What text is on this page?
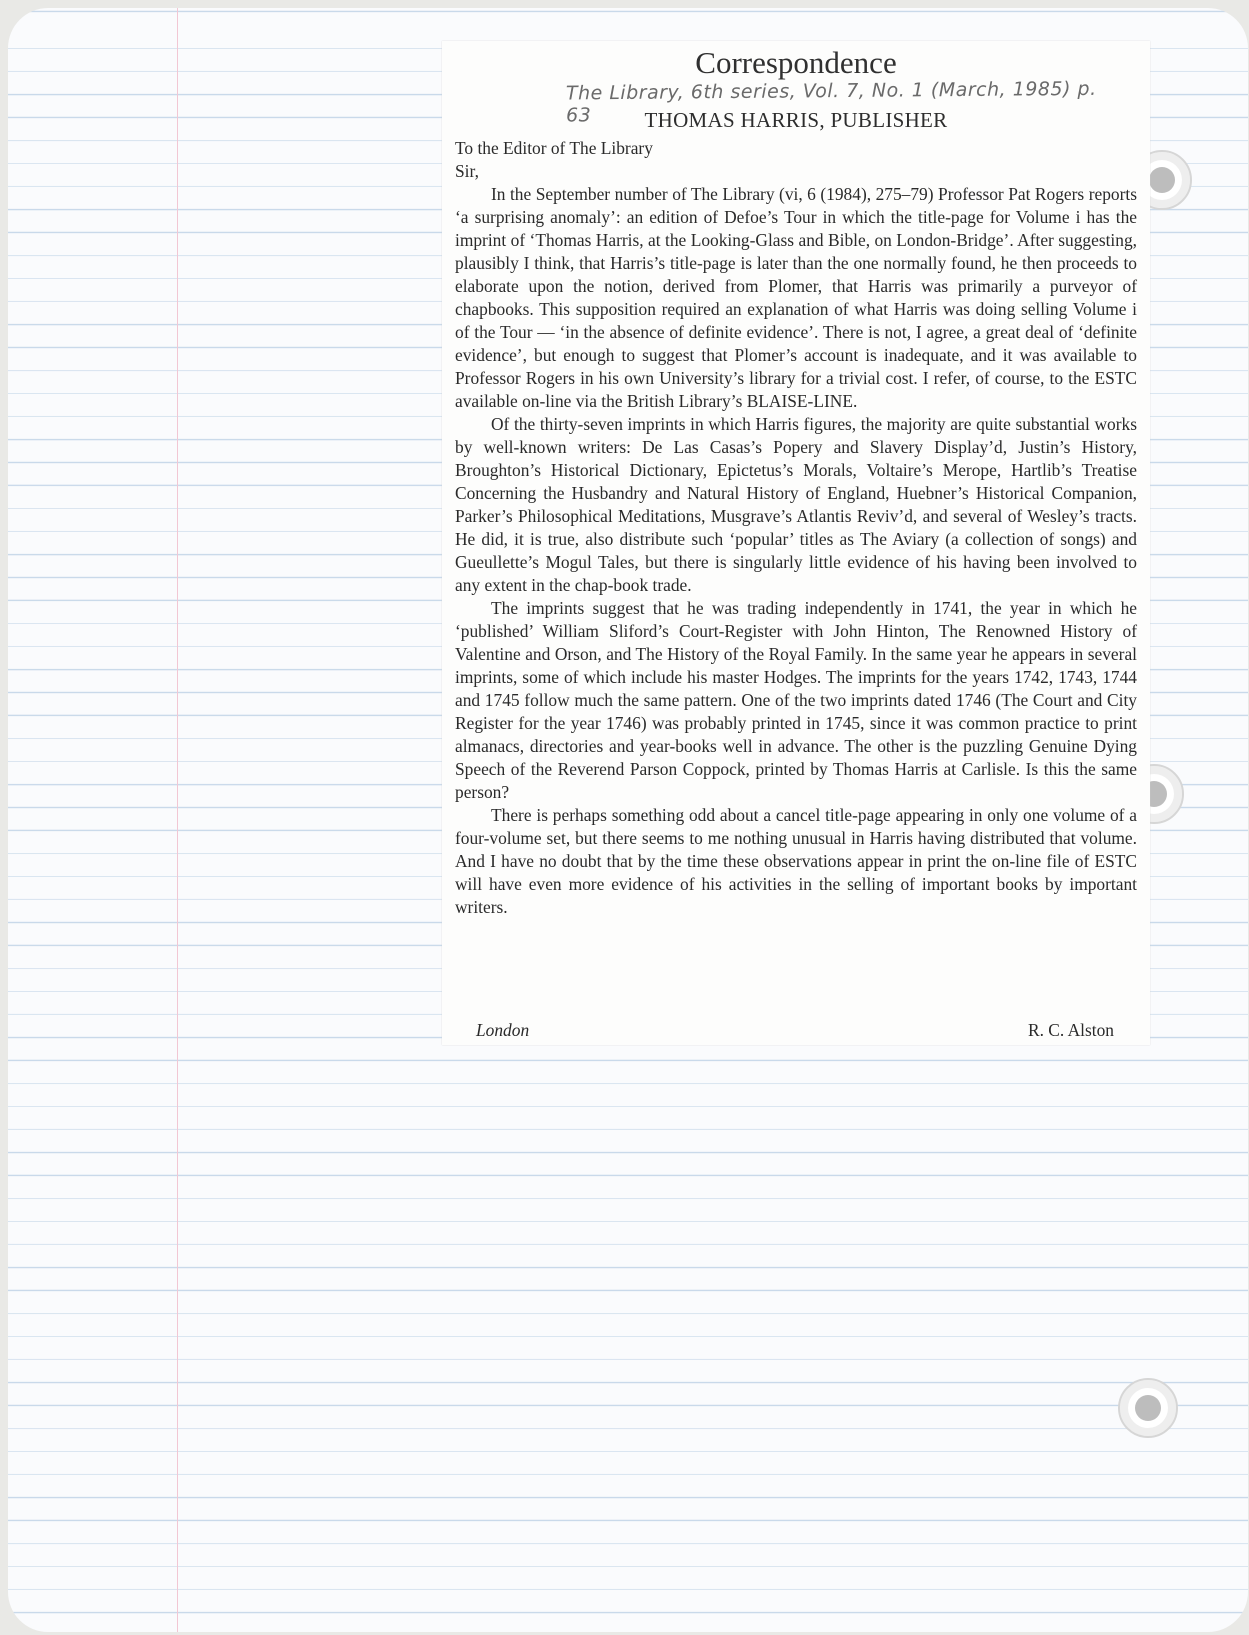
Correspondence
The Library, 6th series, Vol. 7, No. 1 (March, 1985) p. 63	THOMAS HARRIS, PUBLISHER

To the Editor of The Library

Sir,

In the September number of The Library (vi, 6 (1984), 275–79) Professor Pat Rogers reports ‘a surprising anomaly’: an edition of Defoe’s Tour in which the title-page for Volume i has the imprint of ‘Thomas Harris, at the Looking-Glass and Bible, on London-Bridge’. After suggesting, plausibly I think, that Harris’s title-page is later than the one normally found, he then proceeds to elaborate upon the notion, derived from Plomer, that Harris was primarily a purveyor of chapbooks. This supposition required an explanation of what Harris was doing selling Volume i of the Tour — ‘in the absence of definite evidence’. There is not, I agree, a great deal of ‘definite evidence’, but enough to suggest that Plomer’s account is inadequate, and it was available to Professor Rogers in his own University’s library for a trivial cost. I refer, of course, to the ESTC available on-line via the British Library’s BLAISE-LINE.

Of the thirty-seven imprints in which Harris figures, the majority are quite substantial works by well-known writers: De Las Casas’s Popery and Slavery Display’d, Justin’s History, Broughton’s Historical Dictionary, Epictetus’s Morals, Voltaire’s Merope, Hartlib’s Treatise Concerning the Husbandry and Natural History of England, Huebner’s Historical Companion, Parker’s Philosophical Meditations, Musgrave’s Atlantis Reviv’d, and several of Wesley’s tracts. He did, it is true, also distribute such ‘popular’ titles as The Aviary (a collection of songs) and Gueullette’s Mogul Tales, but there is singularly little evidence of his having been involved to any extent in the chap-book trade.

The imprints suggest that he was trading independently in 1741, the year in which he ‘published’ William Sliford’s Court-Register with John Hinton, The Renowned History of Valentine and Orson, and The History of the Royal Family. In the same year he appears in several imprints, some of which include his master Hodges. The imprints for the years 1742, 1743, 1744 and 1745 follow much the same pattern. One of the two imprints dated 1746 (The Court and City Register for the year 1746) was probably printed in 1745, since it was common practice to print almanacs, directories and year-books well in advance. The other is the puzzling Genuine Dying Speech of the Reverend Parson Coppock, printed by Thomas Harris at Carlisle. Is this the same person?

There is perhaps something odd about a cancel title-page appearing in only one volume of a four-volume set, but there seems to me nothing unusual in Harris having distributed that volume. And I have no doubt that by the time these observations appear in print the on-line file of ESTC will have even more evidence of his activities in the selling of important books by important writers.

London	R. C. Alston
